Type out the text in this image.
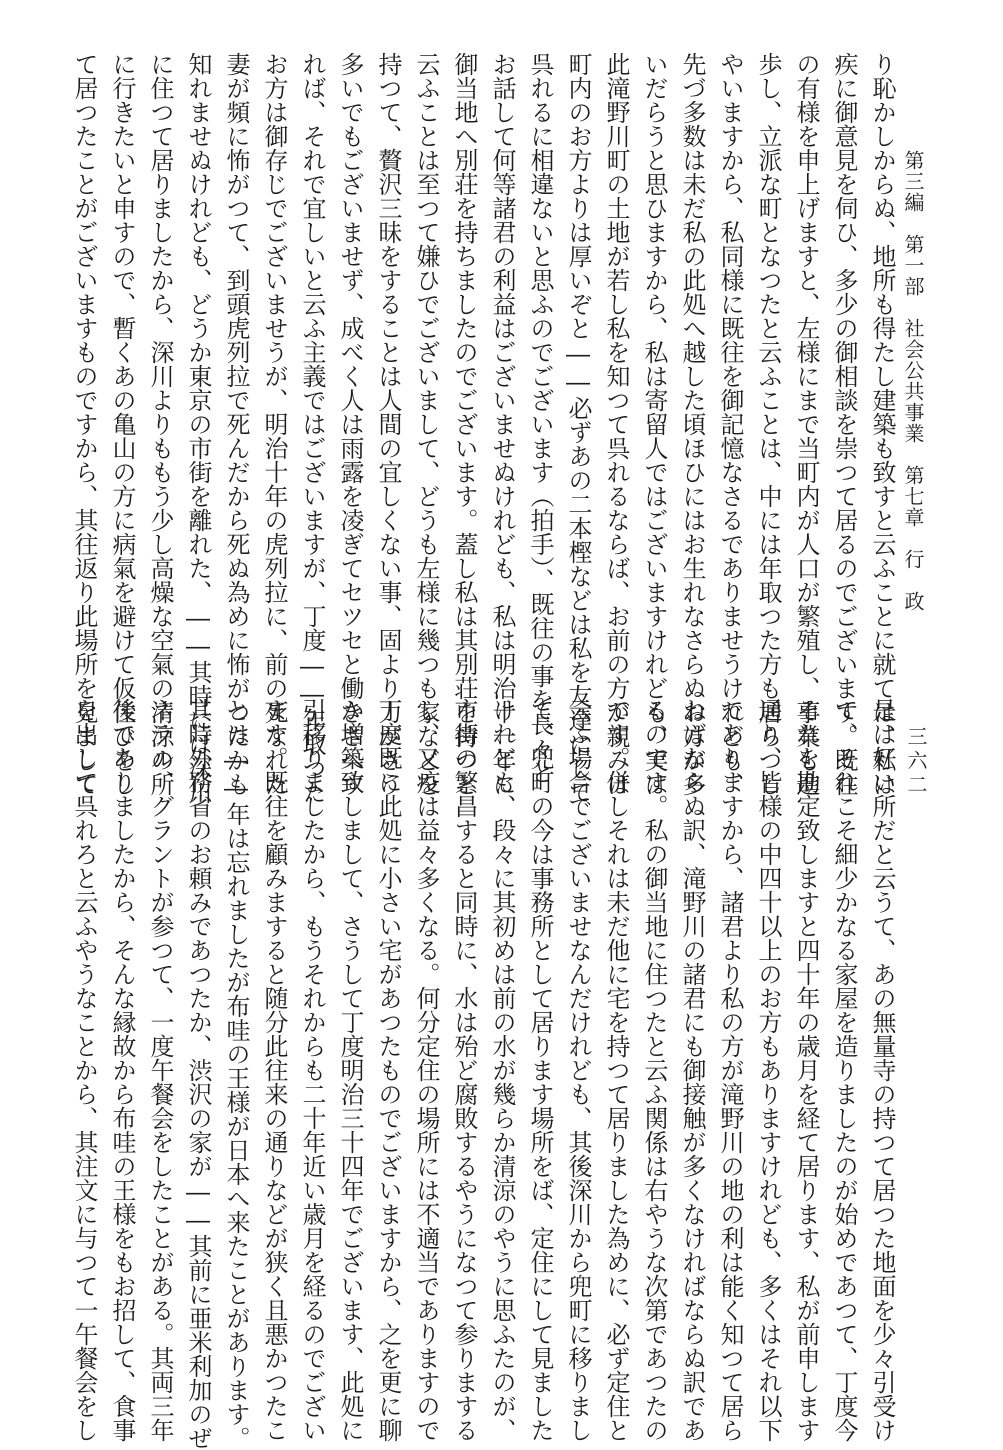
第三編　第一部　社会公共事業　第七章　行　政

三六二

り恥かしからぬ、地所も得たし建築も致すと云ふことに就ては、私は

疾に御意見を伺ひ、多少の御相談を崇つて居るのでございます。既往

の有様を申上げますと、左様にまで当町内が人口が繁殖し、事業も進

歩し、立派な町となつたと云ふことは、中には年取つた方も居らつし

やいますから、私同様に既往を御記憶なさるでありませうけれども、

先づ多数は未だ私の此処へ越した頃ほひにはお生れなさらぬお方が多

いだらうと思ひますから、私は寄留人ではございますけれども、実は

此滝野川町の土地が若し私を知つて呉れるならば、お前の方が親みは

町内のお方よりは厚いぞと――必ずあの二本樫などは私を友達にして

呉れるに相違ないと思ふのでございます（拍手）、既往の事を長々と

お話して何等諸君の利益はございませぬけれども、私は明治十一年に

御当地へ別荘を持ちましたのでございます。蓋し私は其別荘を持つと

云ふことは至つて嫌ひでございまして、どうも左様に幾つも家などを

持つて、贅沢三昧をすることは人間の宜しくない事、固より力がさう

多いでもございませず、成べく人は雨露を凌ぎてセツセと働きさへす

れば、それで宜しいと云ふ主義ではございますが、丁度――年取つた

お方は御存じでございませうが、明治十年の虎列拉に、前の死なれた

妻が頻に怖がつて、到頭虎列拉で死んだから死ぬ為めに怖がつたかも

知れませぬけれども、どうか東京の市街を離れた、――其時には深川

に住つて居りましたから、深川よりももう少し高燥な空氣の清涼の所

に行きたいと申すので、暫くあの亀山の方に病氣を避けて仮住ひをし

て居つたことがございますものですから、其往返り此場所を見まして

是は好い所だと云うて、あの無量寺の持つて居つた地面を少々引受け

て、それこそ細少かなる家屋を造りましたのが始めであつて、丁度今

それを勘定致しますと四十年の歳月を経て居ります、私が前申します

通り、皆様の中四十以上のお方もありますけれども、多くはそれ以下

でありますから、諸君より私の方が滝野川の地の利は能く知つて居ら

ねばならぬ訳、滝野川の諸君にも御接触が多くなければならぬ訳であ

るのです。私の御当地に住つたと云ふ関係は右やうな次第であつたの

です。併しそれは未だ他に宅を持つて居りました為めに、必ず定住と

云ふ場合でございませなんだけれども、其後深川から兜町に移りまし

て、兜町の今は事務所として居ります場所をば、定住にして見ました

けれども、段々に其初めは前の水が幾らか清涼のやうに思ふたのが、

市街の繁昌すると同時に、水は殆ど腐敗するやうになつて参りまする

し、又疫は益々多くなる。何分定住の場所には不適当でありますので

丁度既に此処に小さい宅があつたものでございますから、之を更に聊

か増築致しまして、さうして丁度明治三十四年でございます、此処に

引移りましたから、もうそれからも二十年近い歳月を経るのでござい

ます。既往を顧みますると随分此往来の通りなどが狭く且悪かつたこ

とは――年は忘れましたが布哇の王様が日本へ来たことがあります。

其時外務省のお頼みであつたか、渋沢の家が――其前に亜米利加のぜ

ネラル、グラントが参つて、一度午餐会をしたことがある。其両三年

後でありましたから、そんな縁故から布哇の王様をもお招して、食事

を出して呉れろと云ふやうなことから、其注文に与つて一午餐会をし
